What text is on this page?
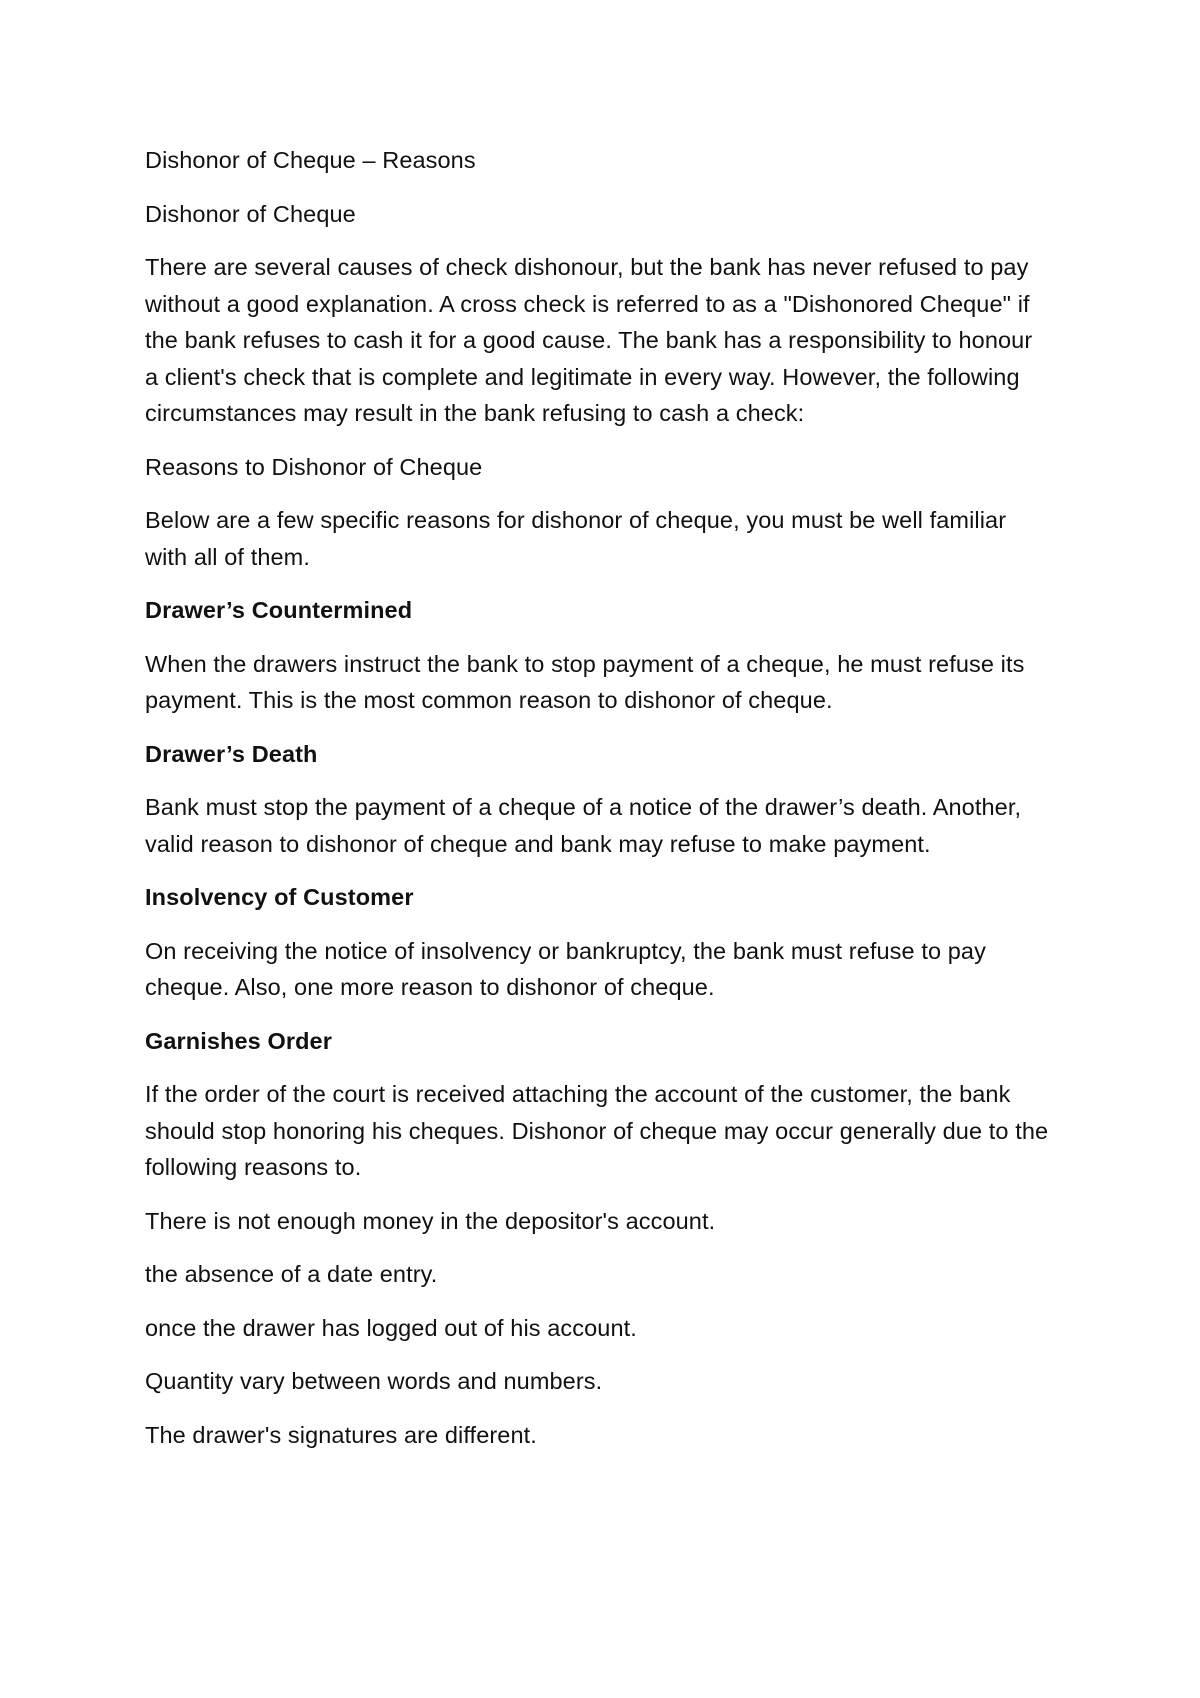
Dishonor of Cheque – Reasons

Dishonor of Cheque

There are several causes of check dishonour, but the bank has never refused to pay without a good explanation. A cross check is referred to as a "Dishonored Cheque" if the bank refuses to cash it for a good cause. The bank has a responsibility to honour a client's check that is complete and legitimate in every way. However, the following circumstances may result in the bank refusing to cash a check:

Reasons to Dishonor of Cheque

Below are a few specific reasons for dishonor of cheque, you must be well familiar with all of them.

Drawer’s Countermined

When the drawers instruct the bank to stop payment of a cheque, he must refuse its payment. This is the most common reason to dishonor of cheque.

Drawer’s Death

Bank must stop the payment of a cheque of a notice of the drawer’s death. Another, valid reason to dishonor of cheque and bank may refuse to make payment.

Insolvency of Customer

On receiving the notice of insolvency or bankruptcy, the bank must refuse to pay cheque. Also, one more reason to dishonor of cheque.

Garnishes Order

If the order of the court is received attaching the account of the customer, the bank should stop honoring his cheques. Dishonor of cheque may occur generally due to the following reasons to.

There is not enough money in the depositor's account.

the absence of a date entry.

once the drawer has logged out of his account.

Quantity vary between words and numbers.

The drawer's signatures are different.
